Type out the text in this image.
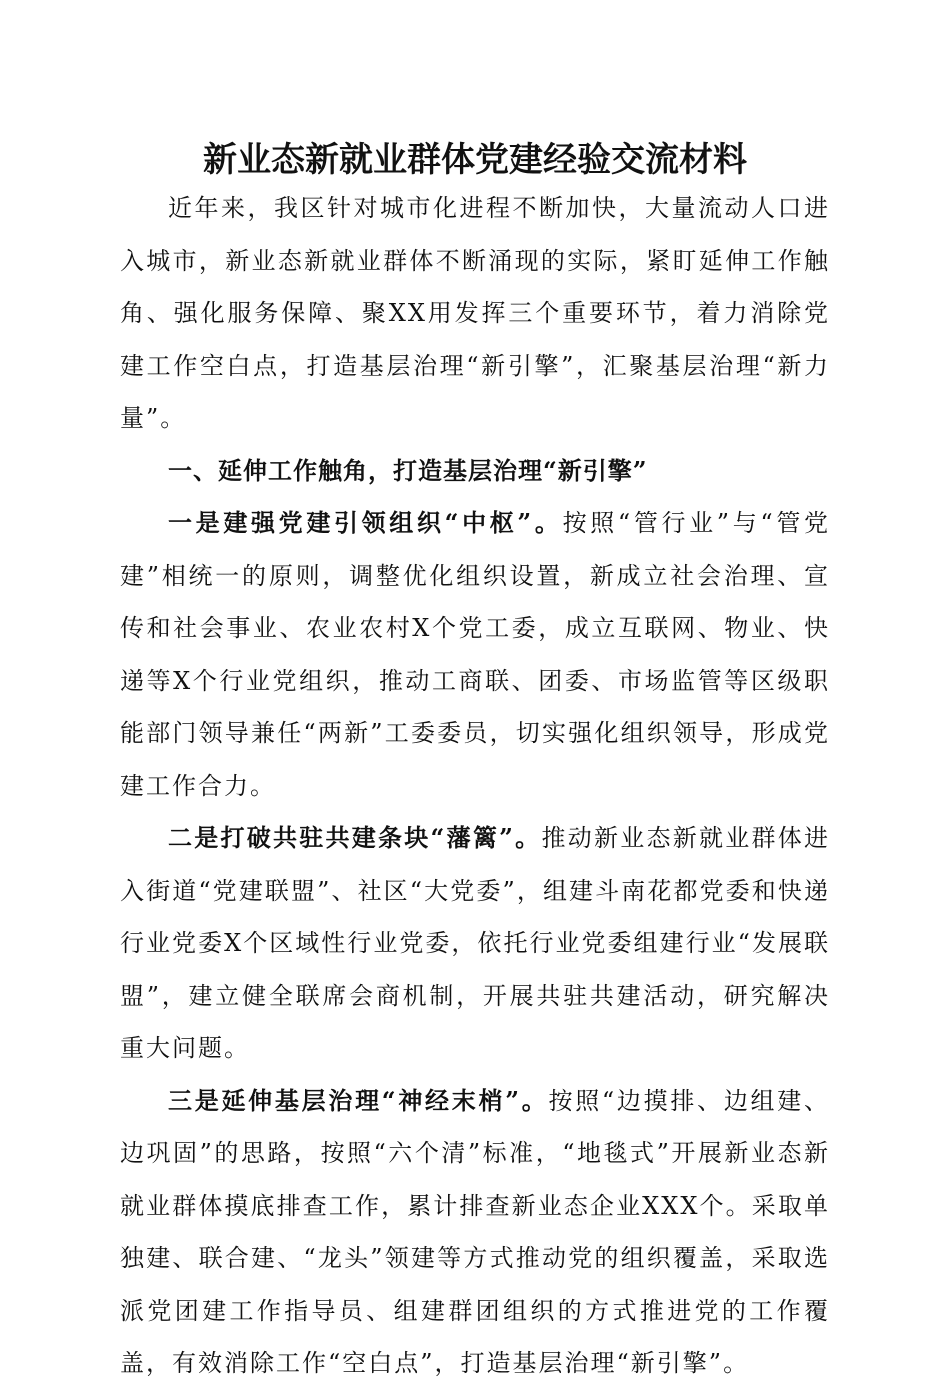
新业态新就业群体党建经验交流材料

近年来，我区针对城市化进程不断加快，大量流动人口进入城市，新业态新就业群体不断涌现的实际，紧盯延伸工作触角、强化服务保障、聚XX用发挥三个重要环节，着力消除党建工作空白点，打造基层治理“新引擎”，汇聚基层治理“新力量”。

一、延伸工作触角，打造基层治理“新引擎”

一是建强党建引领组织“中枢”。按照“管行业”与“管党建”相统一的原则，调整优化组织设置，新成立社会治理、宣传和社会事业、农业农村X个党工委，成立互联网、物业、快递等X个行业党组织，推动工商联、团委、市场监管等区级职能部门领导兼任“两新”工委委员，切实强化组织领导，形成党建工作合力。

二是打破共驻共建条块“藩篱”。推动新业态新就业群体进入街道“党建联盟”、社区“大党委”，组建斗南花都党委和快递行业党委X个区域性行业党委，依托行业党委组建行业“发展联盟”，建立健全联席会商机制，开展共驻共建活动，研究解决重大问题。

三是延伸基层治理“神经末梢”。按照“边摸排、边组建、边巩固”的思路，按照“六个清”标准，“地毯式”开展新业态新就业群体摸底排查工作，累计排查新业态企业XXX个。采取单独建、联合建、“龙头”领建等方式推动党的组织覆盖，采取选派党团建工作指导员、组建群团组织的方式推进党的工作覆盖，有效消除工作“空白点”，打造基层治理“新引擎”。
